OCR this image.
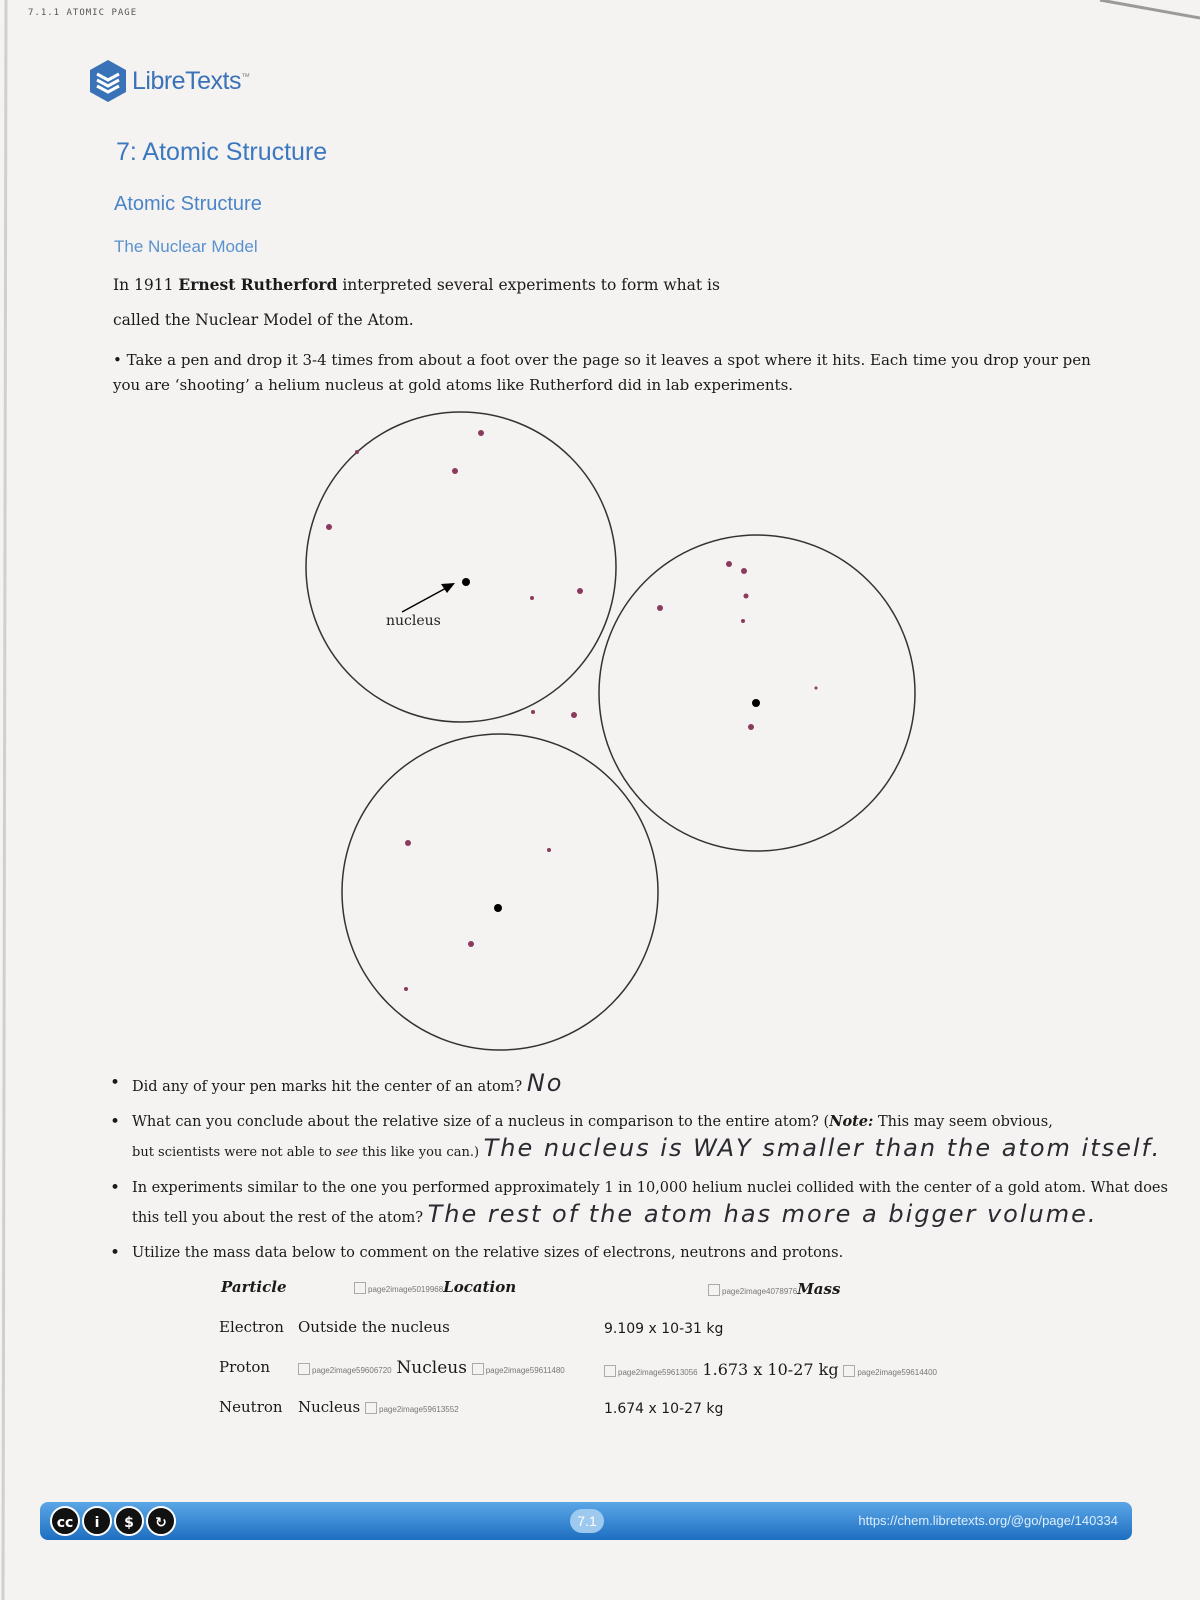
7.1.1 ATOMIC PAGE
LibreTexts™
7: Atomic Structure
Atomic Structure
The Nuclear Model
In 1911 Ernest Rutherford interpreted several experiments to form what is
called the Nuclear Model of the Atom.
• Take a pen and drop it 3-4 times from about a foot over the page so it leaves a spot where it hits. Each time you drop your pen you are ‘shooting’ a helium nucleus at gold atoms like Rutherford did in lab experiments.
nucleus
• Did any of your pen marks hit the center of an atom? No
• What can you conclude about the relative size of a nucleus in comparison to the entire atom? (Note: This may seem obvious,
but scientists were not able to see this like you can.) The nucleus is WAY smaller than the atom itself.
• In experiments similar to the one you performed approximately 1 in 10,000 helium nuclei collided with the center of a gold atom. What does this tell you about the rest of the atom? The rest of the atom has more a bigger volume.
• Utilize the mass data below to comment on the relative sizes of electrons, neutrons and protons.
Particle	page2image5019968Location	page2image4078976Mass
Electron Outside the nucleus	9.109 x 10-31 kg
Proton	page2image59606720 Nucleus page2image59611480	page2image59613056 1.673 x 10-27 kg page2image59614400
Neutron Nucleus page2image59613552	1.674 x 10-27 kg
cc	i	$	↻	7.1	https://chem.libretexts.org/@go/page/140334
